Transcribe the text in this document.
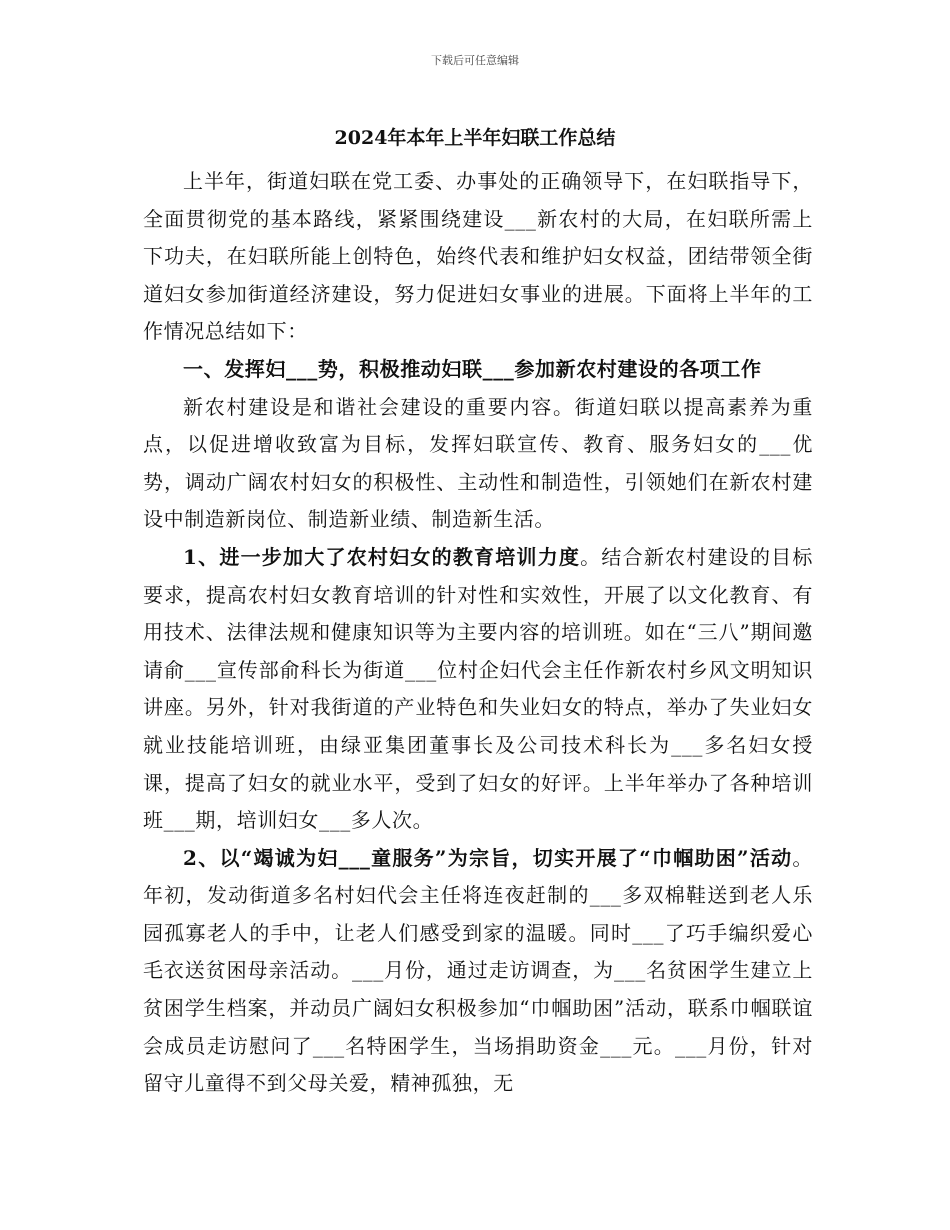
下载后可任意编辑
2024年本年上半年妇联工作总结

上半年，街道妇联在党工委、办事处的正确领导下，在妇联指导下，全面贯彻党的基本路线，紧紧围绕建设___新农村的大局，在妇联所需上下功夫，在妇联所能上创特色，始终代表和维护妇女权益，团结带领全街道妇女参加街道经济建设，努力促进妇女事业的进展。下面将上半年的工作情况总结如下：

一、发挥妇___势，积极推动妇联___参加新农村建设的各项工作

新农村建设是和谐社会建设的重要内容。街道妇联以提高素养为重点，以促进增收致富为目标，发挥妇联宣传、教育、服务妇女的___优势，调动广阔农村妇女的积极性、主动性和制造性，引领她们在新农村建设中制造新岗位、制造新业绩、制造新生活。

1、进一步加大了农村妇女的教育培训力度。结合新农村建设的目标要求，提高农村妇女教育培训的针对性和实效性，开展了以文化教育、有用技术、法律法规和健康知识等为主要内容的培训班。如在“三八”期间邀请俞___宣传部俞科长为街道___位村企妇代会主任作新农村乡风文明知识讲座。另外，针对我街道的产业特色和失业妇女的特点，举办了失业妇女就业技能培训班，由绿亚集团董事长及公司技术科长为___多名妇女授课，提高了妇女的就业水平，受到了妇女的好评。上半年举办了各种培训班___期，培训妇女___多人次。

2、以“竭诚为妇___童服务”为宗旨，切实开展了“巾帼助困”活动。年初，发动街道多名村妇代会主任将连夜赶制的___多双棉鞋送到老人乐园孤寡老人的手中，让老人们感受到家的温暖。同时___了巧手编织爱心毛衣送贫困母亲活动。___月份，通过走访调查，为___名贫困学生建立上贫困学生档案，并动员广阔妇女积极参加“巾帼助困”活动，联系巾帼联谊会成员走访慰问了___名特困学生，当场捐助资金___元。___月份，针对留守儿童得不到父母关爱，精神孤独，无
